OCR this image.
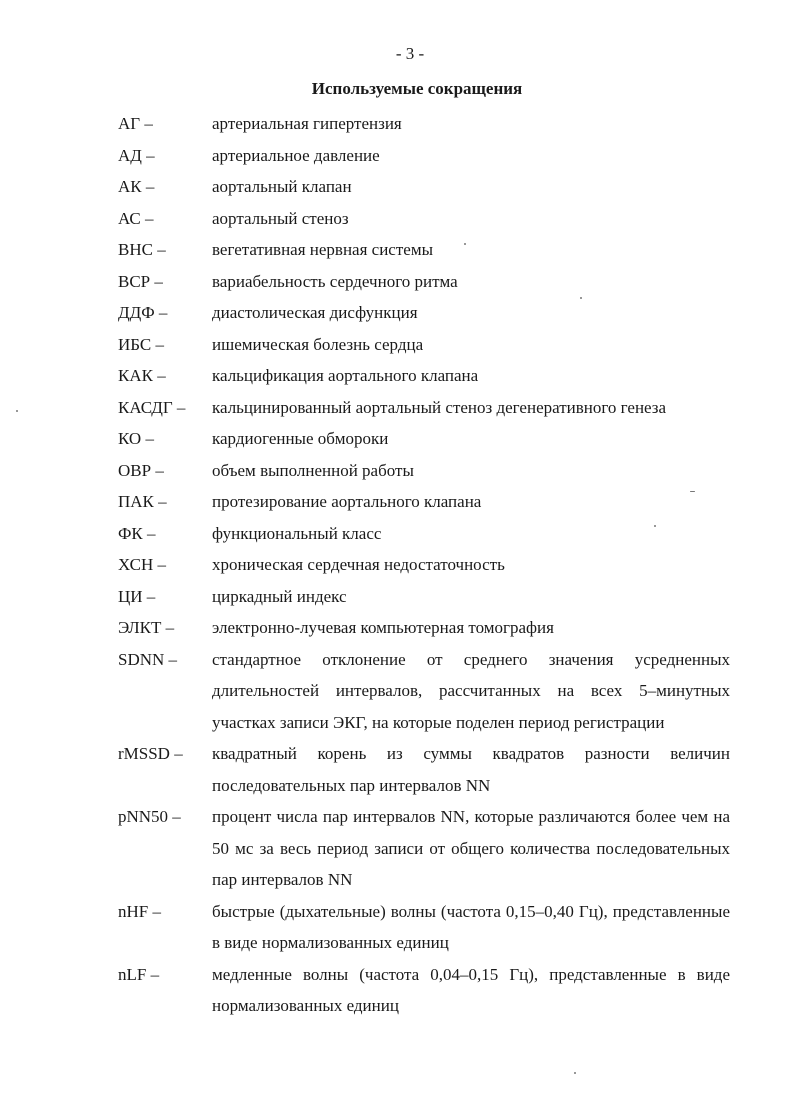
- 3 -
Используемые сокращения
АГ –	артериальная гипертензия
АД –	артериальное давление
АК –	аортальный клапан
АС –	аортальный стеноз
ВНС –	вегетативная нервная системы
ВСР –	вариабельность сердечного ритма
ДДФ –	диастолическая дисфункция
ИБС –	ишемическая болезнь сердца
КАК –	кальцификация аортального клапана
КАСДГ –	кальцинированный аортальный стеноз дегенеративного генеза
КО –	кардиогенные обмороки
ОВР –	объем выполненной работы
ПАК –	протезирование аортального клапана
ФК –	функциональный класс
ХСН –	хроническая сердечная недостаточность
ЦИ –	циркадный индекс
ЭЛКТ –	электронно-лучевая компьютерная томография
SDNN –	стандартное отклонение от среднего значения усредненных длительностей интервалов, рассчитанных на всех 5–минутных участках записи ЭКГ, на которые поделен период регистрации
rMSSD –	квадратный корень из суммы квадратов разности величин последовательных пар интервалов NN
pNN50 –	процент числа пар интервалов NN, которые различаются более чем на 50 мс за весь период записи от общего количества последовательных пар интервалов NN
nHF –	быстрые (дыхательные) волны (частота 0,15–0,40 Гц), представленные в виде нормализованных единиц
nLF –	медленные волны (частота 0,04–0,15 Гц), представленные в виде нормализованных единиц
